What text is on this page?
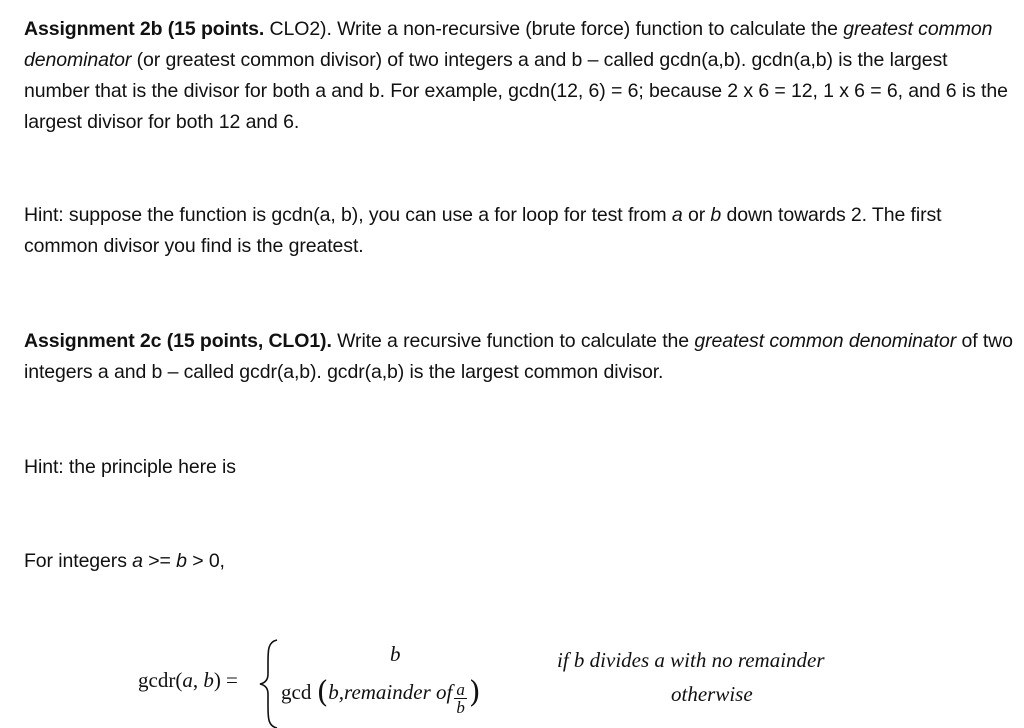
Assignment 2b (15 points. CLO2). Write a non-recursive (brute force) function to calculate the greatest common denominator (or greatest common divisor) of two integers a and b – called gcdn(a,b). gcdn(a,b) is the largest number that is the divisor for both a and b. For example, gcdn(12, 6) = 6; because 2 x 6 = 12, 1 x 6 = 6, and 6 is the largest divisor for both 12 and 6.
Hint: suppose the function is gcdn(a, b), you can use a for loop for test from a or b down towards 2. The first common divisor you find is the greatest.
Assignment 2c (15 points, CLO1). Write a recursive function to calculate the greatest common denominator of two integers a and b – called gcdr(a,b). gcdr(a,b) is the largest common divisor.
Hint: the principle here is
For integers a >= b > 0,
gcdr(a, b) =
b
gcd (b,remainder of $\frac{a}{b}$ )
if b divides a with no remainder
otherwise
